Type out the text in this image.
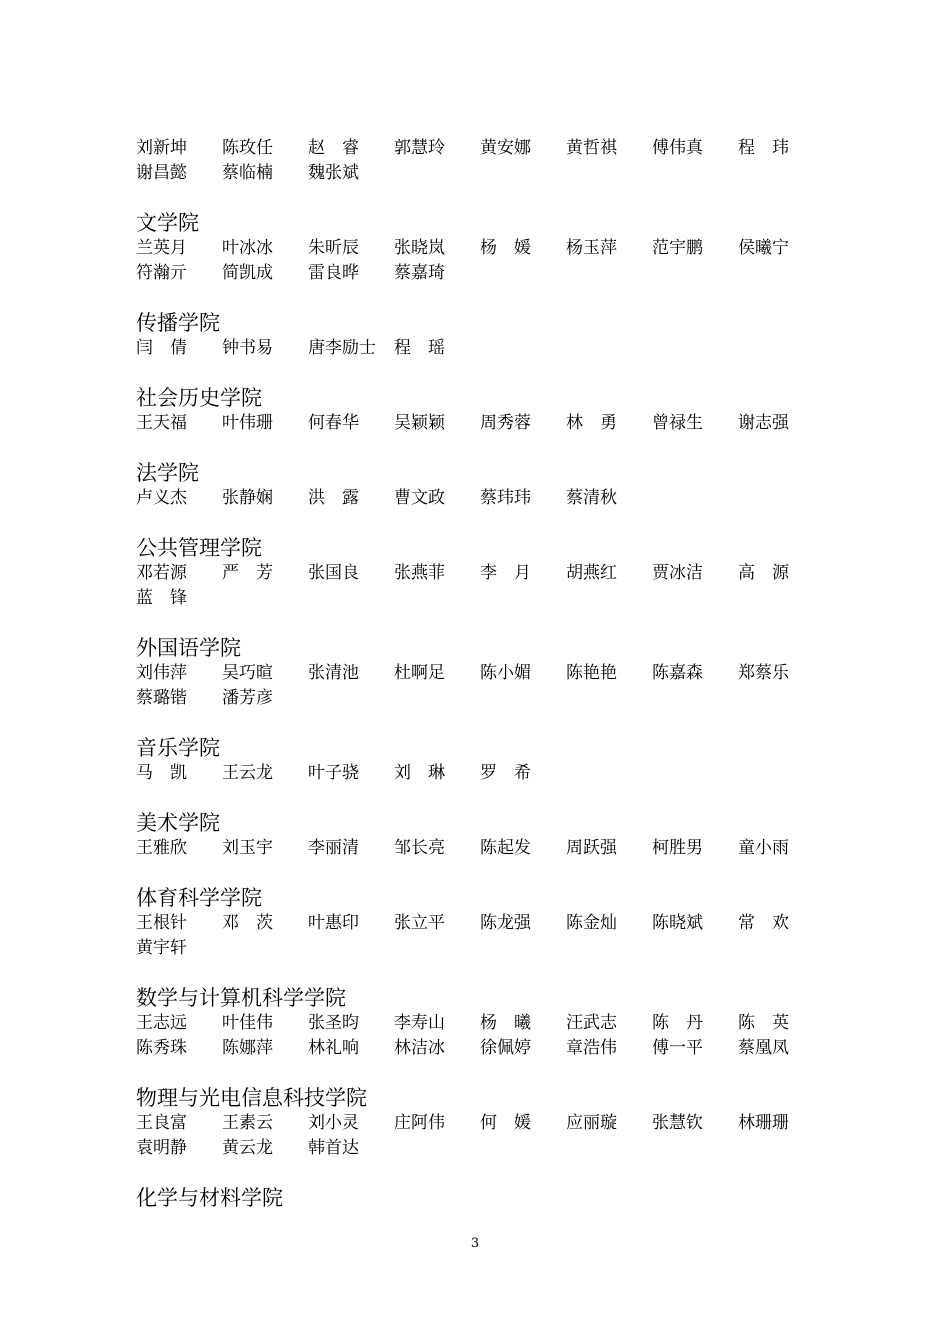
刘新坤	陈玫任	赵　睿	郭慧玲	黄安娜	黄哲祺	傅伟真	程　玮
谢昌懿	蔡临楠	魏张斌
文学院
兰英月	叶冰冰	朱昕辰	张晓岚	杨　媛	杨玉萍	范宇鹏	侯曦宁
符瀚亓	简凯成	雷良晔	蔡嘉琦
传播学院
闫　倩	钟书易	唐李励士	程　瑶
社会历史学院
王天福	叶伟珊	何春华	吴颖颖	周秀蓉	林　勇	曾禄生	谢志强
法学院
卢义杰	张静娴	洪　露	曹文政	蔡玮玮	蔡清秋
公共管理学院
邓若源	严　芳	张国良	张燕菲	李　月	胡燕红	贾冰洁	高　源
蓝　锋
外国语学院
刘伟萍	吴巧暄	张清池	杜啊足	陈小媚	陈艳艳	陈嘉森	郑蔡乐
蔡璐锴	潘芳彦
音乐学院
马　凯	王云龙	叶子骁	刘　琳	罗　希
美术学院
王雅欣	刘玉宇	李丽清	邹长亮	陈起发	周跃强	柯胜男	童小雨
体育科学学院
王根针	邓　茨	叶惠印	张立平	陈龙强	陈金灿	陈晓斌	常　欢
黄宇轩
数学与计算机科学学院
王志远	叶佳伟	张圣昀	李寿山	杨　曦	汪武志	陈　丹	陈　英
陈秀珠	陈娜萍	林礼响	林洁冰	徐佩婷	章浩伟	傅一平	蔡凰凤
物理与光电信息科技学院
王良富	王素云	刘小灵	庄阿伟	何　媛	应丽璇	张慧钦	林珊珊
袁明静	黄云龙	韩首达
化学与材料学院
3
